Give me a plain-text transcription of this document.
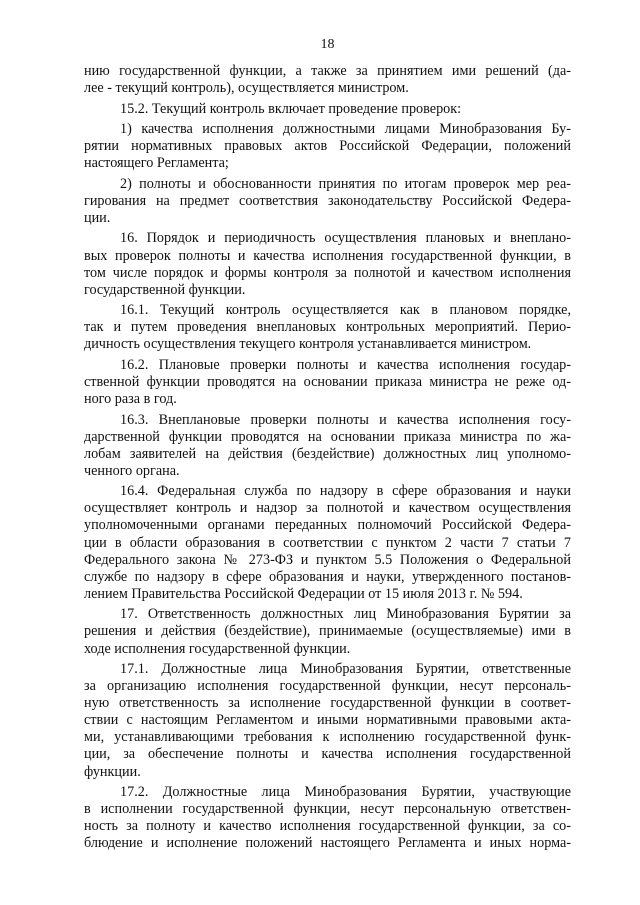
18
нию государственной функции, а также за принятием ими решений (да-
лее - текущий контроль), осуществляется министром.
15.2. Текущий контроль включает проведение проверок:
1) качества исполнения должностными лицами Минобразования Бу-
рятии нормативных правовых актов Российской Федерации, положений
настоящего Регламента;
2) полноты и обоснованности принятия по итогам проверок мер реа-
гирования на предмет соответствия законодательству Российской Федера-
ции.
16. Порядок и периодичность осуществления плановых и внеплано-
вых проверок полноты и качества исполнения государственной функции, в
том числе порядок и формы контроля за полнотой и качеством исполнения
государственной функции.
16.1. Текущий контроль осуществляется как в плановом порядке,
так и путем проведения внеплановых контрольных мероприятий. Перио-
дичность осуществления текущего контроля устанавливается министром.
16.2. Плановые проверки полноты и качества исполнения государ-
ственной функции проводятся на основании приказа министра не реже од-
ного раза в год.
16.3. Внеплановые проверки полноты и качества исполнения госу-
дарственной функции проводятся на основании приказа министра по жа-
лобам заявителей на действия (бездействие) должностных лиц уполномо-
ченного органа.
16.4. Федеральная служба по надзору в сфере образования и науки
осуществляет контроль и надзор за полнотой и качеством осуществления
уполномоченными органами переданных полномочий Российской Федера-
ции в области образования в соответствии с пунктом 2 части 7 статьи 7
Федерального закона № 273-ФЗ и пунктом 5.5 Положения о Федеральной
службе по надзору в сфере образования и науки, утвержденного постанов-
лением Правительства Российской Федерации от 15 июля 2013 г. № 594.
17. Ответственность должностных лиц Минобразования Бурятии за
решения и действия (бездействие), принимаемые (осуществляемые) ими в
ходе исполнения государственной функции.
17.1. Должностные лица Минобразования Бурятии, ответственные
за организацию исполнения государственной функции, несут персональ-
ную ответственность за исполнение государственной функции в соответ-
ствии с настоящим Регламентом и иными нормативными правовыми акта-
ми, устанавливающими требования к исполнению государственной функ-
ции, за обеспечение полноты и качества исполнения государственной
функции.
17.2. Должностные лица Минобразования Бурятии, участвующие
в исполнении государственной функции, несут персональную ответствен-
ность за полноту и качество исполнения государственной функции, за со-
блюдение и исполнение положений настоящего Регламента и иных норма-
